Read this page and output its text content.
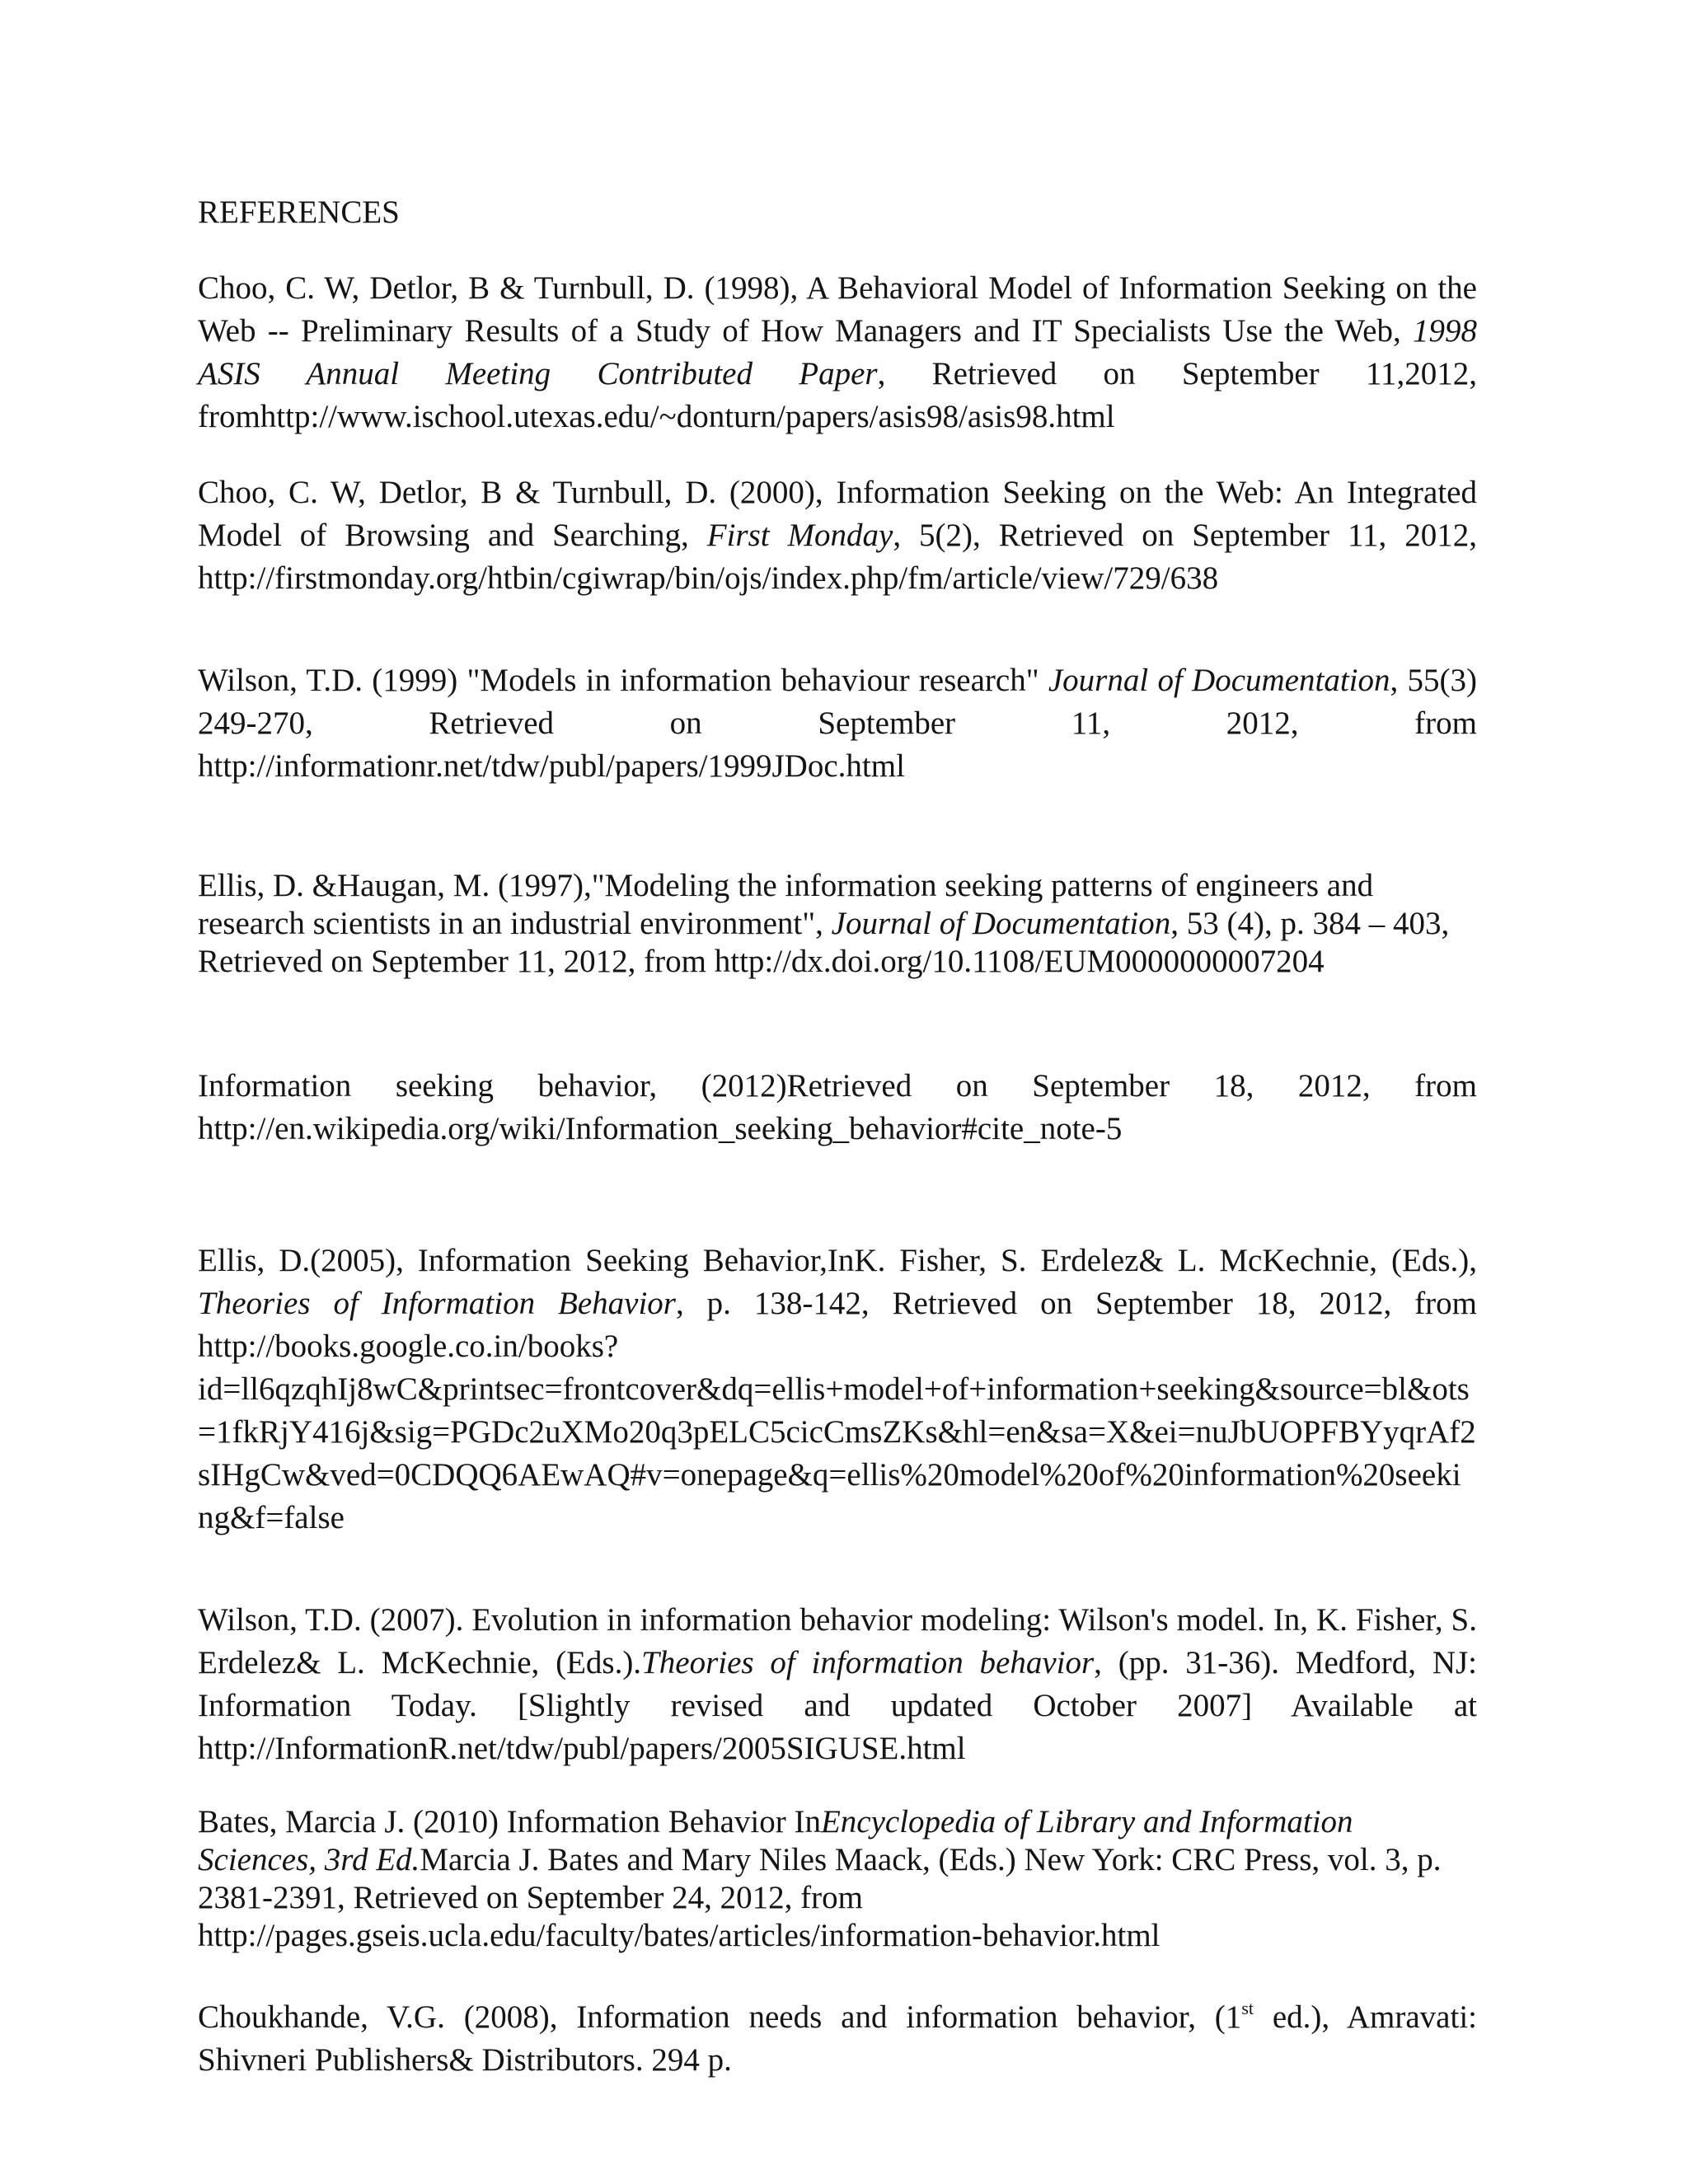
REFERENCES

Choo, C. W, Detlor, B & Turnbull, D. (1998), A Behavioral Model of Information Seeking on the Web -- Preliminary Results of a Study of How Managers and IT Specialists Use the Web, 1998 ASIS Annual Meeting Contributed Paper, Retrieved on September 11,2012, fromhttp://www.ischool.utexas.edu/~donturn/papers/asis98/asis98.html

Choo, C. W, Detlor, B & Turnbull, D. (2000), Information Seeking on the Web: An Integrated Model of Browsing and Searching, First Monday, 5(2), Retrieved on September 11, 2012, http://firstmonday.org/htbin/cgiwrap/bin/ojs/index.php/fm/article/view/729/638

Wilson, T.D. (1999) "Models in information behaviour research" Journal of Documentation, 55(3) 249-270, Retrieved on September 11, 2012, from http://informationr.net/tdw/publ/papers/1999JDoc.html

Ellis, D. &Haugan, M. (1997),"Modeling the information seeking patterns of engineers and research scientists in an industrial environment", Journal of Documentation, 53 (4), p. 384 – 403, Retrieved on September 11, 2012, from http://dx.doi.org/10.1108/EUM0000000007204

Information seeking behavior, (2012)Retrieved on September 18, 2012, from http://en.wikipedia.org/wiki/Information_seeking_behavior#cite_note-5

Ellis, D.(2005), Information Seeking Behavior,InK. Fisher, S. Erdelez& L. McKechnie, (Eds.), Theories of Information Behavior, p. 138-142, Retrieved on September 18, 2012, from http://books.google.co.in/books?id=ll6qzqhIj8wC&printsec=frontcover&dq=ellis+model+of+information+seeking&source=bl&ots=1fkRjY416j&sig=PGDc2uXMo20q3pELC5cicCmsZKs&hl=en&sa=X&ei=nuJbUOPFBYyqrAf2sIHgCw&ved=0CDQQ6AEwAQ#v=onepage&q=ellis%20model%20of%20information%20seeking&f=false

Wilson, T.D. (2007). Evolution in information behavior modeling: Wilson's model. In, K. Fisher, S. Erdelez& L. McKechnie, (Eds.).Theories of information behavior, (pp. 31-36). Medford, NJ: Information Today. [Slightly revised and updated October 2007] Available at http://InformationR.net/tdw/publ/papers/2005SIGUSE.html

Bates, Marcia J. (2010) Information Behavior InEncyclopedia of Library and Information Sciences, 3rd Ed.Marcia J. Bates and Mary Niles Maack, (Eds.) New York: CRC Press, vol. 3, p. 2381-2391, Retrieved on September 24, 2012, from http://pages.gseis.ucla.edu/faculty/bates/articles/information-behavior.html

Choukhande, V.G. (2008), Information needs and information behavior, (1st ed.), Amravati: Shivneri Publishers& Distributors. 294 p.
